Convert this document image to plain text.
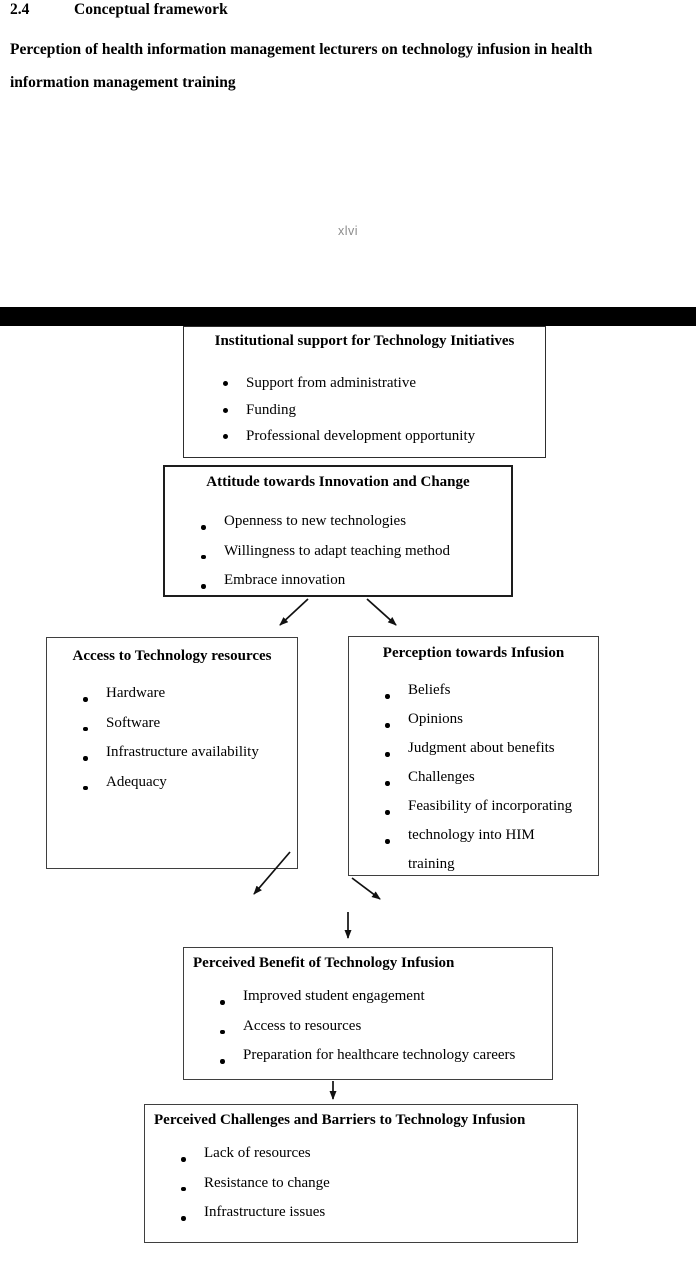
2.4	Conceptual framework
Perception of health information management lecturers on technology infusion in health
information management training
xlvi
Institutional support for Technology Initiatives
Support from administrative
Funding
Professional development opportunity
Attitude towards Innovation and Change
Openness to new technologies
Willingness to adapt teaching method
Embrace innovation
Access to Technology resources
Hardware
Software
Infrastructure availability
Adequacy
Perception towards Infusion
Beliefs
Opinions
Judgment about benefits
Challenges
Feasibility of incorporating
technology into HIM
training
Perceived Benefit of Technology Infusion
Improved student engagement
Access to resources
Preparation for healthcare technology careers
Perceived Challenges and Barriers to Technology Infusion
Lack of resources
Resistance to change
Infrastructure issues
